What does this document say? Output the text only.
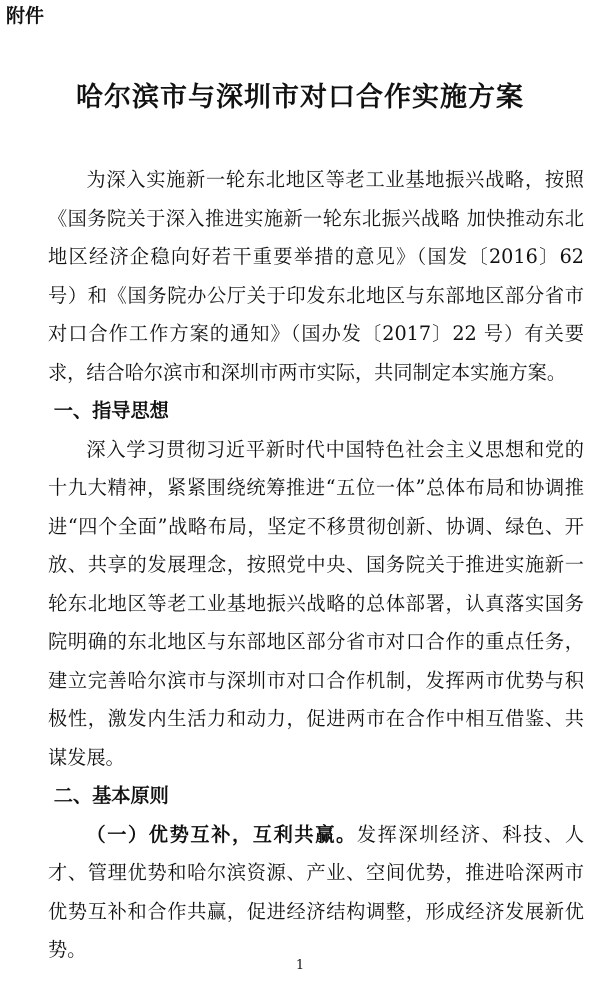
附件

哈尔滨市与深圳市对口合作实施方案

为深入实施新一轮东北地区等老工业基地振兴战略，按照《国务院关于深入推进实施新一轮东北振兴战略 加快推动东北地区经济企稳向好若干重要举措的意见》（国发〔2016〕62 号）和《国务院办公厅关于印发东北地区与东部地区部分省市对口合作工作方案的通知》（国办发〔2017〕22 号）有关要求，结合哈尔滨市和深圳市两市实际，共同制定本实施方案。

一、指导思想

深入学习贯彻习近平新时代中国特色社会主义思想和党的十九大精神，紧紧围绕统筹推进“五位一体”总体布局和协调推进“四个全面”战略布局，坚定不移贯彻创新、协调、绿色、开放、共享的发展理念，按照党中央、国务院关于推进实施新一轮东北地区等老工业基地振兴战略的总体部署，认真落实国务院明确的东北地区与东部地区部分省市对口合作的重点任务，建立完善哈尔滨市与深圳市对口合作机制，发挥两市优势与积极性，激发内生活力和动力，促进两市在合作中相互借鉴、共谋发展。

二、基本原则

（一）优势互补，互利共赢。发挥深圳经济、科技、人才、管理优势和哈尔滨资源、产业、空间优势，推进哈深两市优势互补和合作共赢，促进经济结构调整，形成经济发展新优势。

1
